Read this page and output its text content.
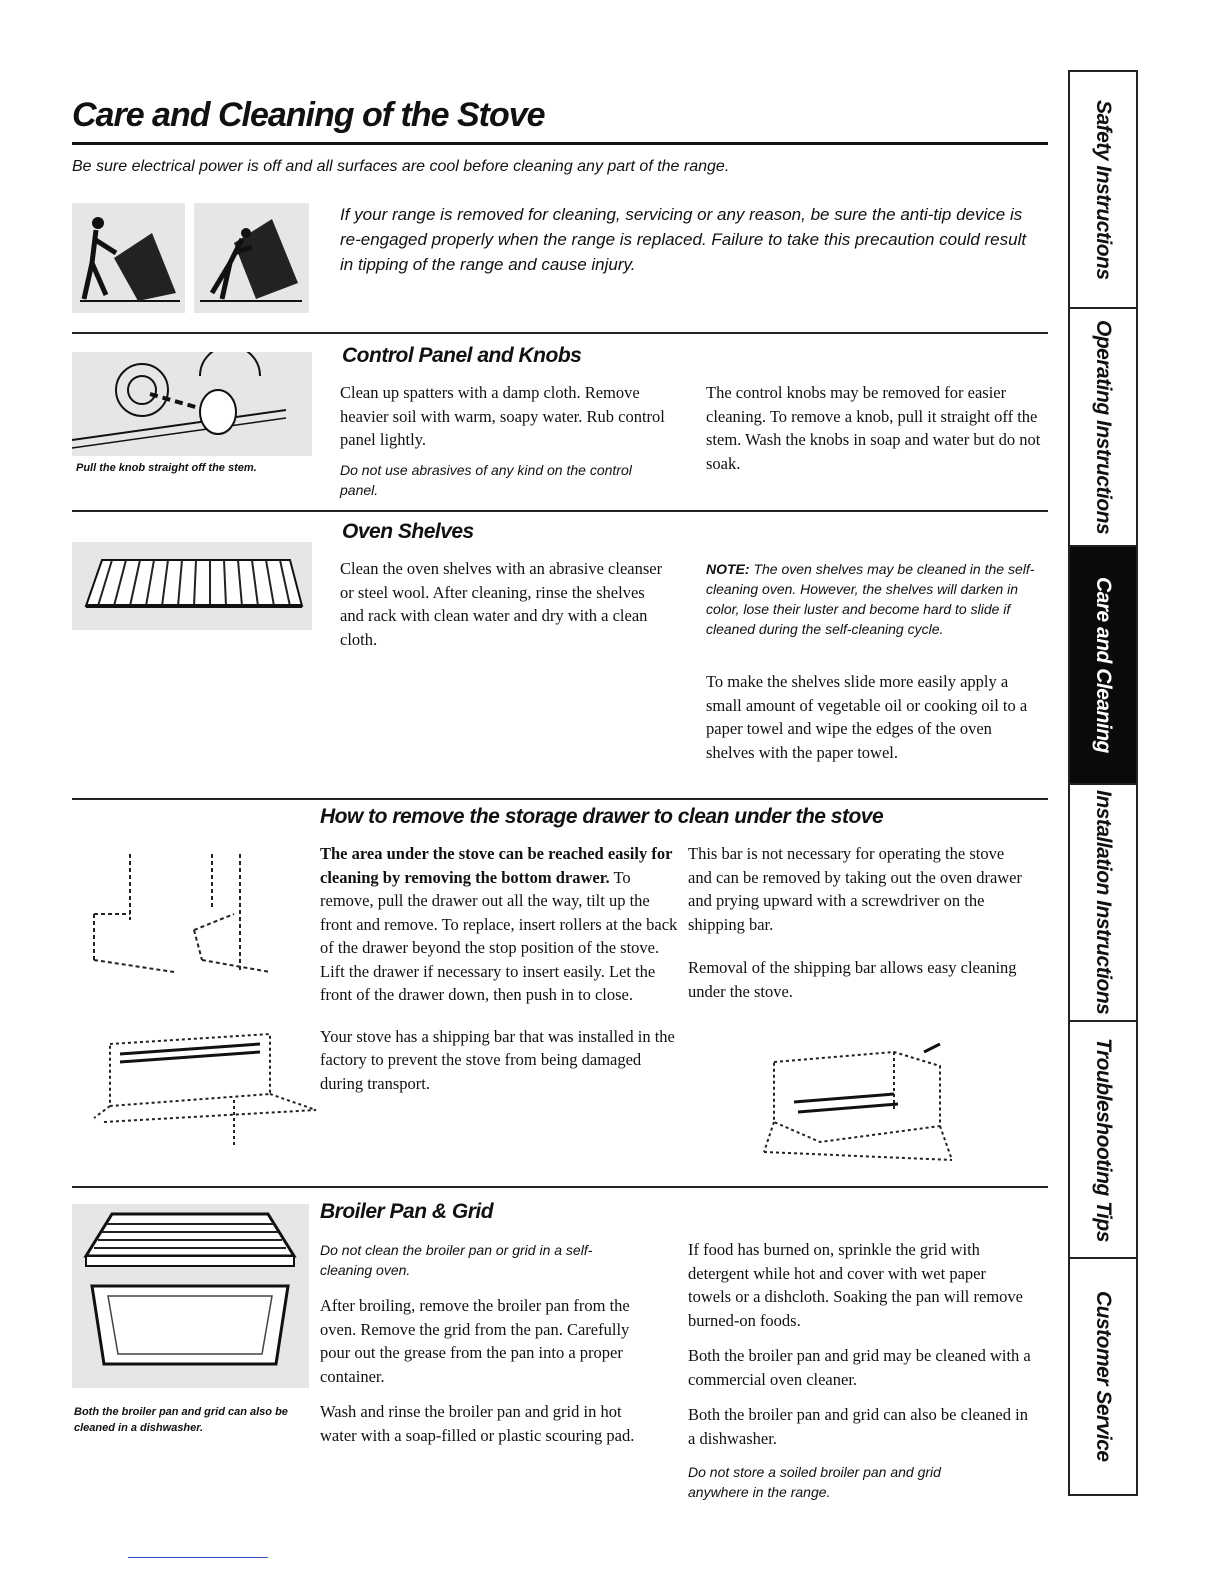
Care and Cleaning of the Stove
Be sure electrical power is off and all surfaces are cool before cleaning any part of the range.
If your range is removed for cleaning, servicing or any reason, be sure the anti-tip device is re-engaged properly when the range is replaced. Failure to take this precaution could result in tipping of the range and cause injury.
Pull the knob straight off the stem.
Control Panel and Knobs

Clean up spatters with a damp cloth. Remove heavier soil with warm, soapy water. Rub control panel lightly.

Do not use abrasives of any kind on the control panel.

The control knobs may be removed for easier cleaning. To remove a knob, pull it straight off the stem. Wash the knobs in soap and water but do not soak.

Oven Shelves

Clean the oven shelves with an abrasive cleanser or steel wool. After cleaning, rinse the shelves and rack with clean water and dry with a clean cloth.

NOTE: The oven shelves may be cleaned in the self-cleaning oven. However, the shelves will darken in color, lose their luster and become hard to slide if cleaned during the self-cleaning cycle.

To make the shelves slide more easily apply a small amount of vegetable oil or cooking oil to a paper towel and wipe the edges of the oven shelves with the paper towel.

How to remove the storage drawer to clean under the stove

The area under the stove can be reached easily for cleaning by removing the bottom drawer. To remove, pull the drawer out all the way, tilt up the front and remove. To replace, insert rollers at the back of the drawer beyond the stop position of the stove. Lift the drawer if necessary to insert easily. Let the front of the drawer down, then push in to close.

Your stove has a shipping bar that was installed in the factory to prevent the stove from being damaged during transport.

This bar is not necessary for operating the stove and can be removed by taking out the oven drawer and prying upward with a screwdriver on the shipping bar.

Removal of the shipping bar allows easy cleaning under the stove.

Both the broiler pan and grid can also be cleaned in a dishwasher.
Broiler Pan & Grid
Do not clean the broiler pan or grid in a self-cleaning oven.

After broiling, remove the broiler pan from the oven. Remove the grid from the pan. Carefully pour out the grease from the pan into a proper container.

Wash and rinse the broiler pan and grid in hot water with a soap-filled or plastic scouring pad.

If food has burned on, sprinkle the grid with detergent while hot and cover with wet paper towels or a dishcloth. Soaking the pan will remove burned-on foods.

Both the broiler pan and grid may be cleaned with a commercial oven cleaner.

Both the broiler pan and grid can also be cleaned in a dishwasher.

Do not store a soiled broiler pan and grid anywhere in the range.
Safety Instructions
Operating Instructions
Care and Cleaning
Installation Instructions
Troubleshooting Tips
Customer Service
